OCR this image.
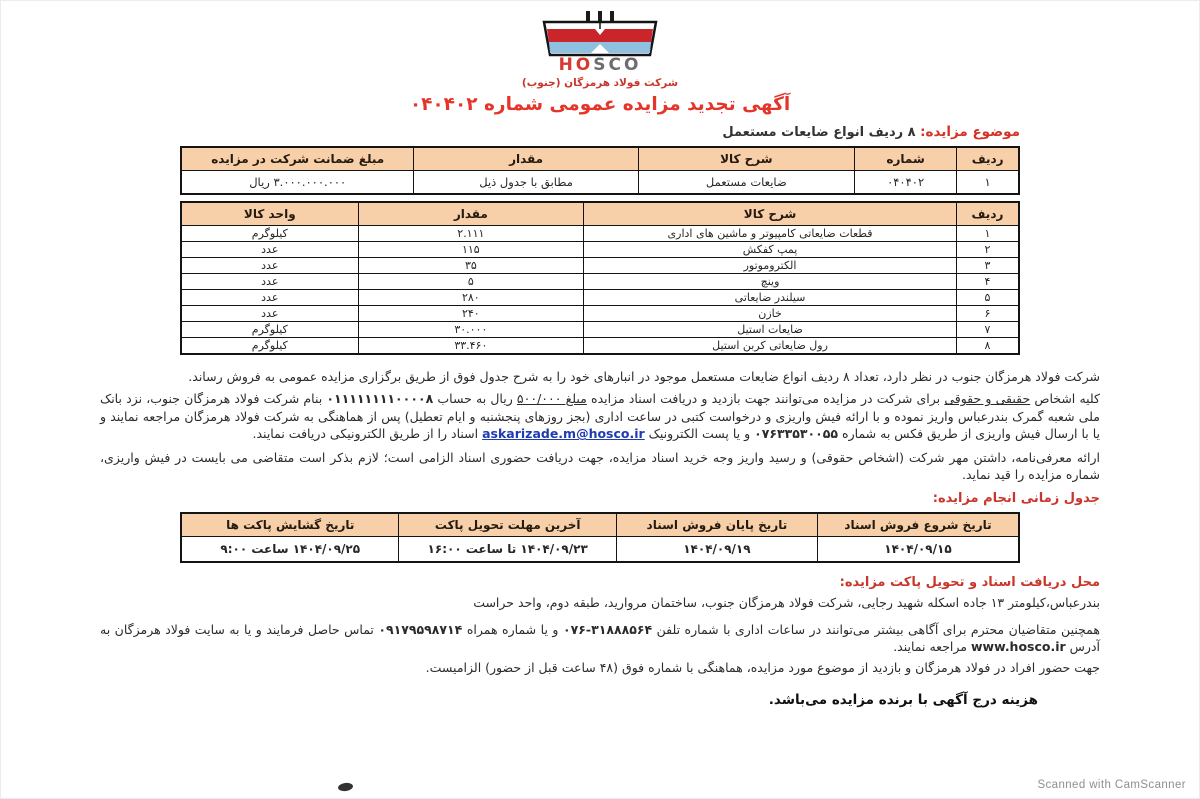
HOSCO
شرکت فولاد هرمزگان (جنوب)
آگهی تجدید مزایده عمومی شماره ۰۴۰۴۰۲
موضوع مزایده: ۸ ردیف انواع ضایعات مستعمل
ردیف	شماره	شرح کالا	مقدار	مبلغ ضمانت شرکت در مزایده
۱	۰۴۰۴۰۲	ضایعات مستعمل	مطابق با جدول ذیل	۳.۰۰۰.۰۰۰.۰۰۰ ریال
ردیف	شرح کالا	مقدار	واحد کالا
۱	قطعات ضایعاتی کامپیوتر و ماشین های اداری	۲.۱۱۱	کیلوگرم
۲	پمپ کفکش	۱۱۵	عدد
۳	الکتروموتور	۳۵	عدد
۴	وینچ	۵	عدد
۵	سیلندر ضایعاتی	۲۸۰	عدد
۶	خازن	۲۴۰	عدد
۷	ضایعات استیل	۳۰.۰۰۰	کیلوگرم
۸	رول ضایعاتی کربن استیل	۳۳.۴۶۰	کیلوگرم

شرکت فولاد هرمزگان جنوب در نظر دارد، تعداد ۸ ردیف انواع ضایعات مستعمل موجود در انبارهای خود را به شرح جدول فوق از طریق برگزاری مزایده عمومی به فروش رساند.

کلیه اشخاص حقیقی و حقوقی برای شرکت در مزایده می‌توانند جهت بازدید و دریافت اسناد مزایده مبلغ ۵۰۰/۰۰۰ ریال به حساب ۰۱۱۱۱۱۱۱۱۰۰۰۰۸ بنام شرکت فولاد هرمزگان جنوب، نزد بانک ملی شعبه گمرک بندرعباس واریز نموده و با ارائه فیش واریزی و درخواست کتبی در ساعت اداری (بجز روزهای پنجشنبه و ایام تعطیل) پس از هماهنگی به شرکت فولاد هرمزگان مراجعه نمایند و یا با ارسال فیش واریزی از طریق فکس به شماره ۰۷۶۳۳۵۳۰۰۵۵ و یا پست الکترونیک askarizade.m@hosco.ir اسناد را از طریق الکترونیکی دریافت نمایند.

ارائه معرفی‌نامه، داشتن مهر شرکت (اشخاص حقوقی) و رسید واریز وجه خرید اسناد مزایده، جهت دریافت حضوری اسناد الزامی است؛ لازم بذکر است متقاضی می بایست در فیش واریزی، شماره مزایده را قید نماید.

جدول زمانی انجام مزایده:
تاریخ شروع فروش اسناد	تاریخ پایان فروش اسناد	آخرین مهلت تحویل پاکت	تاریخ گشایش پاکت ها
۱۴۰۴/۰۹/۱۵	۱۴۰۴/۰۹/۱۹	۱۴۰۴/۰۹/۲۳ تا ساعت ۱۶:۰۰	۱۴۰۴/۰۹/۲۵ ساعت ۹:۰۰
محل دریافت اسناد و تحویل پاکت مزایده:
بندرعباس،کیلومتر ۱۳ جاده اسکله شهید رجایی، شرکت فولاد هرمزگان جنوب، ساختمان مروارید، طبقه دوم، واحد حراست

همچنین متقاضیان محترم برای آگاهی بیشتر می‌توانند در ساعات اداری با شماره تلفن ۳۱۸۸۸۵۶۴-۰۷۶ و یا شماره همراه ۰۹۱۷۹۵۹۸۷۱۴ تماس حاصل فرمایند و یا به سایت فولاد هرمزگان به آدرس www.hosco.ir مراجعه نمایند.

جهت حضور افراد در فولاد هرمزگان و بازدید از موضوع مورد مزایده، هماهنگی با شماره فوق (۴۸ ساعت قبل از حضور) الزامیست.

هزینه درج آگهی با برنده مزایده می‌باشد.
Scanned with CamScanner
